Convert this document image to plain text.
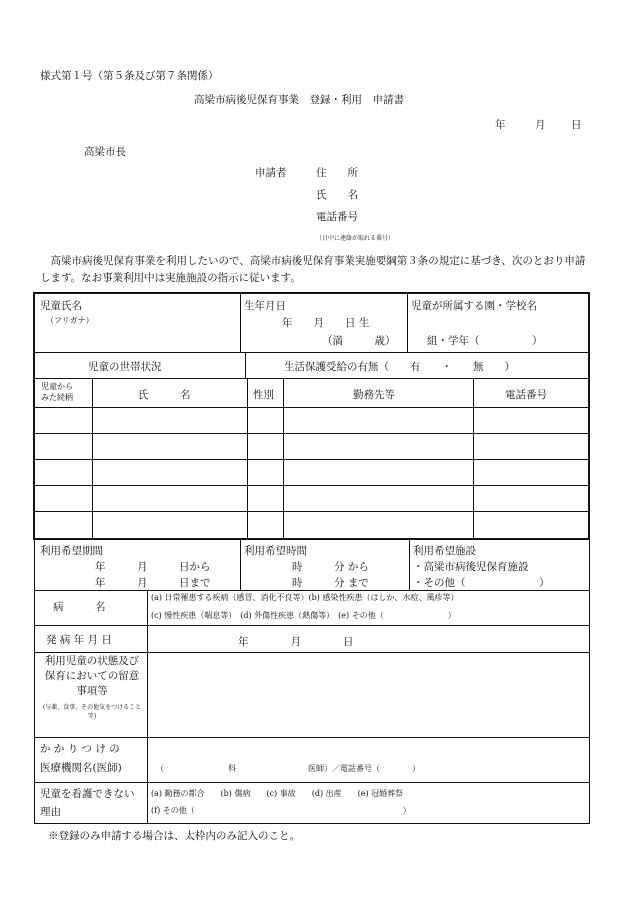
様式第１号（第５条及び第７条関係）
高梁市病後児保育事業　登録・利用　申請書
年	月 日
高梁市長
申請者	住　　所
氏　　名
電話番号
（日中に連絡が取れる番号）
　高梁市病後児保育事業を利用したいので、高梁市病後児保育事業実施要綱第３条の規定に基づき、次のとおり申請します。なお事業利用中は実施施設の指示に従います。
児童氏名
（フリガナ）
生年月日
年　　月　　日 生
（満　　　歳）
児童が所属する園・学校名
組・学年（　　　　　）
児童の世帯状況	生活保護受給の有無（　　有　　・　　無　　）
児童から
みた続柄	氏　　　名	性別	勤務先等	電話番号
利用希望期間
年　　　月　　　日から
年　　　月　　　日まで
利用希望時間
時　　　分 から
時　　　分 まで
利用希望施設
・高梁市病後児保育施設
・その他（　　　　　　　）
病　　　名
(a) 日常罹患する疾病（感冒、消化不良等）(b) 感染性疾患（はしか、水痘、風疹等）
(c) 慢性疾患（喘息等）　(d) 外傷性疾患（熱傷等）　(e) その他（　　　　　　　　）
発 病 年 月 日	年　　　　月　　　　日
利用児童の状態及び保育においての留意事項等
(与薬、食事、その他気をつけること等)
か か り つ け の
医療機関名(医師)	（　　　　　　　　科　　　　　　　　　医師）／電話番号（　　　　）
児童を看護できない理由
(a) 勤務の都合　　(b) 傷病　　(c) 事故　　(d) 出産　　(e) 冠婚葬祭
(f) その他（　　　　　　　　　　　　　　　　　　　　　　　　　　）
※登録のみ申請する場合は、太枠内のみ記入のこと。
